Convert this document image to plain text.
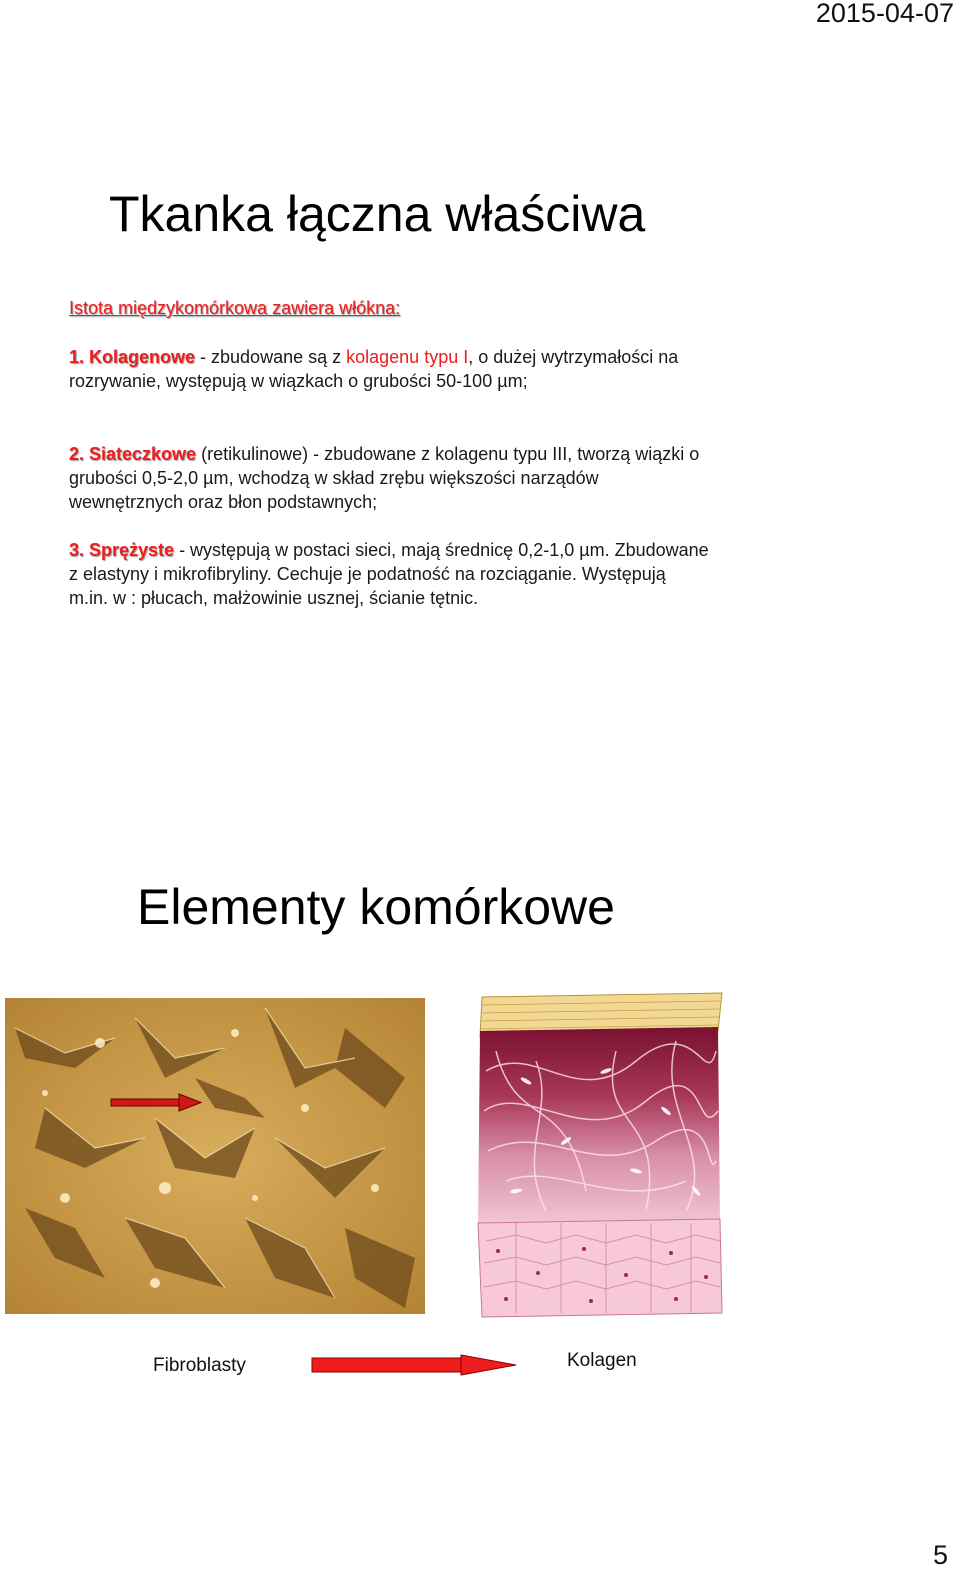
2015-04-07
Tkanka łączna właściwa
Istota międzykomórkowa zawiera włókna:
1. Kolagenowe - zbudowane są z kolagenu typu I, o dużej wytrzymałości na rozrywanie, występują w wiązkach o grubości 50-100 µm;
2. Siateczkowe (retikulinowe) - zbudowane z kolagenu typu III, tworzą wiązki o grubości 0,5-2,0 µm, wchodzą w skład zrębu większości narządów wewnętrznych oraz błon podstawnych;
3. Sprężyste - występują w postaci sieci, mają średnicę 0,2-1,0 µm. Zbudowane z elastyny i mikrofibryliny. Cechuje je podatność na rozciąganie. Występują m.in. w : płucach, małżowinie usznej, ścianie tętnic.
Elementy komórkowe
Fibroblasty	Kolagen
5
